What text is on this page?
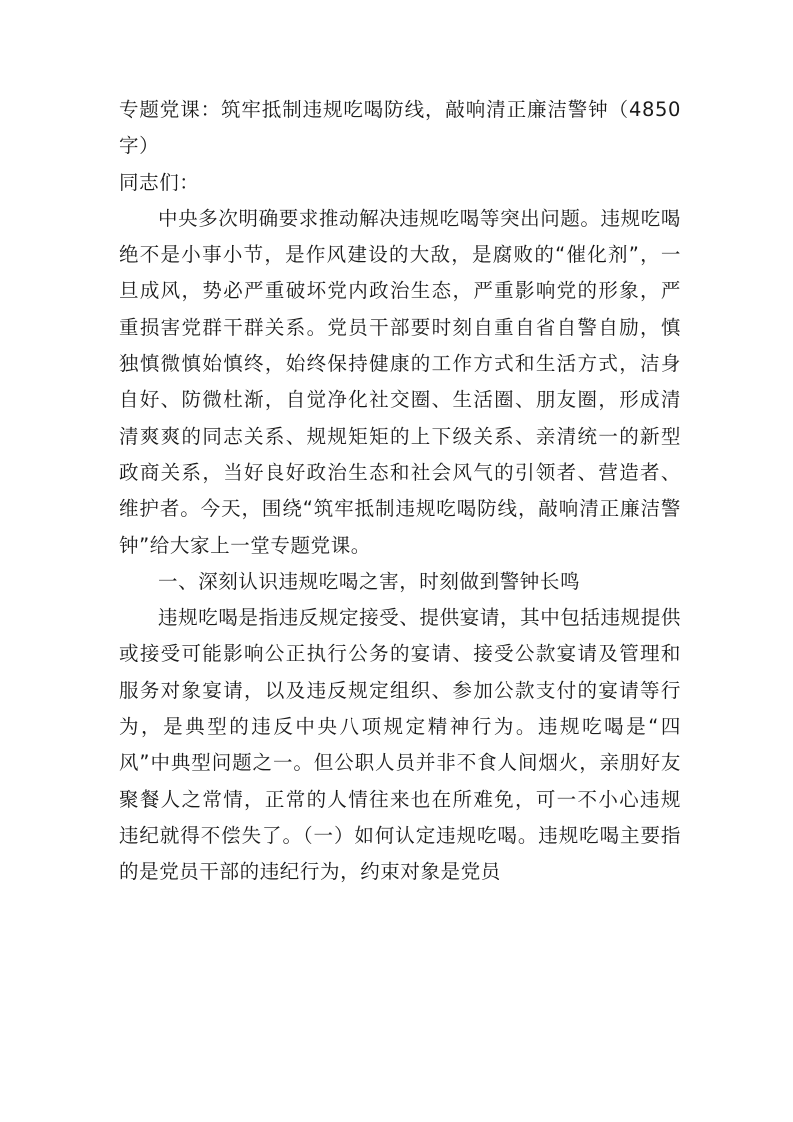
专题党课：筑牢抵制违规吃喝防线，敲响清正廉洁警钟（4850字）

同志们：

中央多次明确要求推动解决违规吃喝等突出问题。违规吃喝绝不是小事小节，是作风建设的大敌，是腐败的“催化剂”，一旦成风，势必严重破坏党内政治生态，严重影响党的形象，严重损害党群干群关系。党员干部要时刻自重自省自警自励，慎独慎微慎始慎终，始终保持健康的工作方式和生活方式，洁身自好、防微杜渐，自觉净化社交圈、生活圈、朋友圈，形成清清爽爽的同志关系、规规矩矩的上下级关系、亲清统一的新型政商关系，当好良好政治生态和社会风气的引领者、营造者、维护者。今天，围绕“筑牢抵制违规吃喝防线，敲响清正廉洁警钟”给大家上一堂专题党课。

一、深刻认识违规吃喝之害，时刻做到警钟长鸣

违规吃喝是指违反规定接受、提供宴请，其中包括违规提供或接受可能影响公正执行公务的宴请、接受公款宴请及管理和服务对象宴请，以及违反规定组织、参加公款支付的宴请等行为，是典型的违反中央八项规定精神行为。违规吃喝是“四风”中典型问题之一。但公职人员并非不食人间烟火，亲朋好友聚餐人之常情，正常的人情往来也在所难免，可一不小心违规违纪就得不偿失了。（一）如何认定违规吃喝。违规吃喝主要指的是党员干部的违纪行为，约束对象是党员
